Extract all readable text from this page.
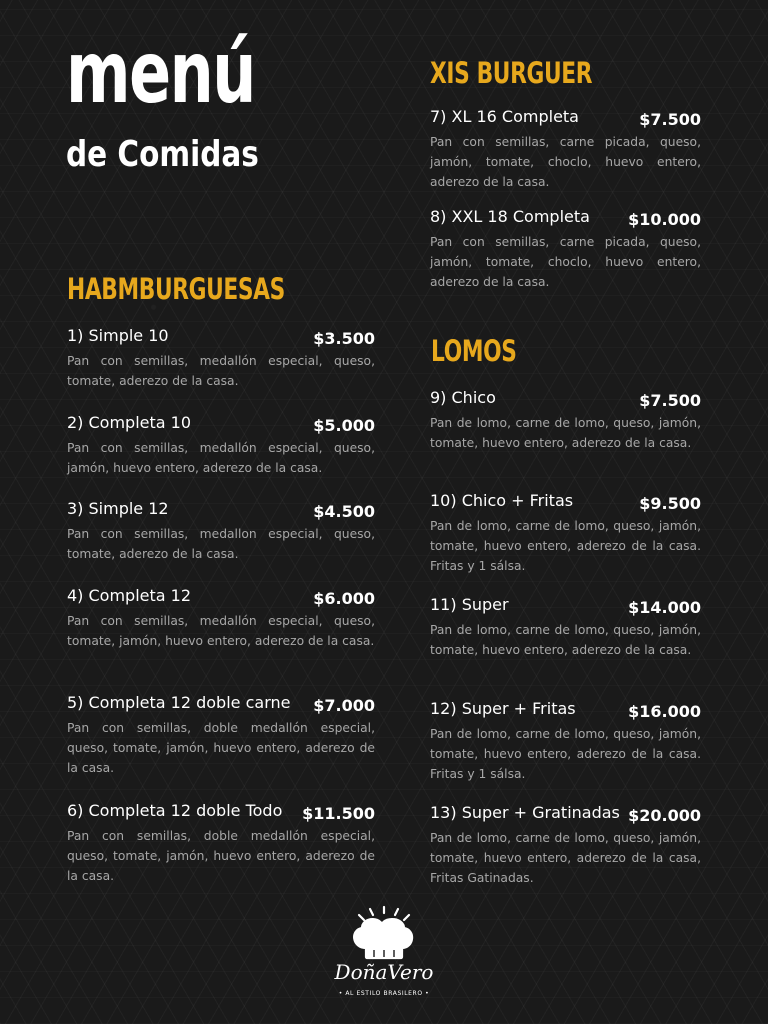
menú
de Comidas
HABMBURGUESAS
1) Simple 10	$3.500
Pan con semillas, medallón especial, queso, tomate, aderezo de la casa.
2) Completa 10	$5.000
Pan con semillas, medallón especial, queso, jamón, huevo entero, aderezo de la casa.
3) Simple 12	$4.500
Pan con semillas, medallon especial, queso, tomate, aderezo de la casa.
4) Completa 12	$6.000
Pan con semillas, medallón especial, queso, tomate, jamón, huevo entero, aderezo de la casa.
5) Completa 12 doble carne $7.000
Pan con semillas, doble medallón especial, queso, tomate, jamón, huevo entero, aderezo de la casa.
6) Completa 12 doble Todo $11.500
Pan con semillas, doble medallón especial, queso, tomate, jamón, huevo entero, aderezo de la casa.
XIS BURGUER
7) XL 16 Completa	$7.500
Pan con semillas, carne picada, queso, jamón, tomate, choclo, huevo entero, aderezo de la casa.
8) XXL 18 Completa $10.000
Pan con semillas, carne picada, queso, jamón, tomate, choclo, huevo entero, aderezo de la casa.
LOMOS
9) Chico	$7.500
Pan de lomo, carne de lomo, queso, jamón, tomate, huevo entero, aderezo de la casa.
10) Chico + Fritas	$9.500
Pan de lomo, carne de lomo, queso, jamón, tomate, huevo entero, aderezo de la casa. Fritas y 1 sálsa.
11) Super	$14.000
Pan de lomo, carne de lomo, queso, jamón, tomate, huevo entero, aderezo de la casa.
12) Super + Fritas	$16.000
Pan de lomo, carne de lomo, queso, jamón, tomate, huevo entero, aderezo de la casa. Fritas y 1 sálsa.
13) Super + Gratinadas $20.000
Pan de lomo, carne de lomo, queso, jamón, tomate, huevo entero, aderezo de la casa, Fritas Gatinadas.
DoñaVero
• AL ESTILO BRASILERO •
